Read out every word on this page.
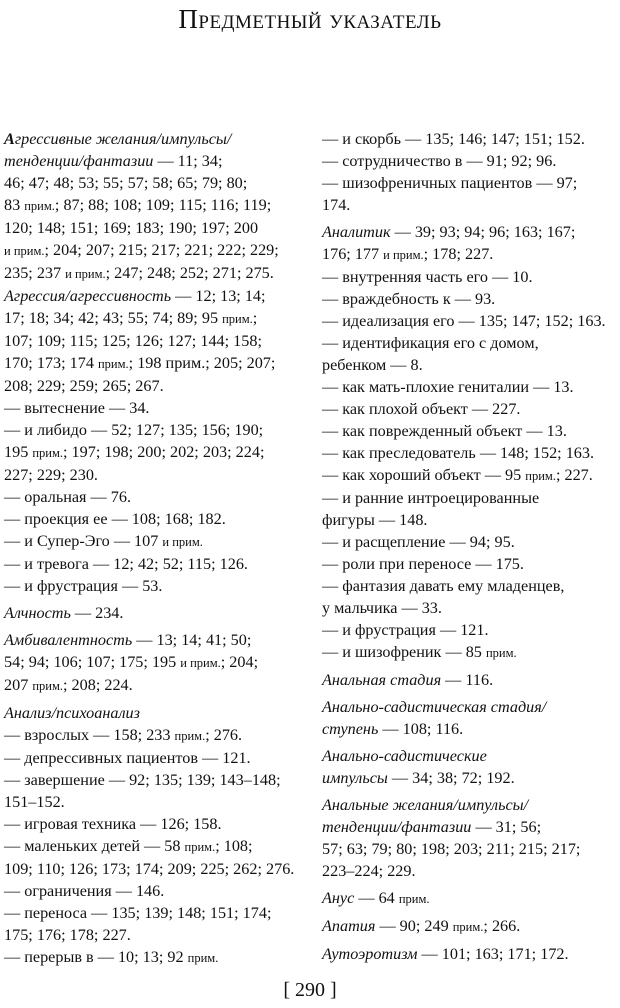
Предметный указатель
Агрессивные желания/импульсы/
тенденции/фантазии — 11; 34;
46; 47; 48; 53; 55; 57; 58; 65; 79; 80;
83 прим.; 87; 88; 108; 109; 115; 116; 119;
120; 148; 151; 169; 183; 190; 197; 200
и прим.; 204; 207; 215; 217; 221; 222; 229;
235; 237 и прим.; 247; 248; 252; 271; 275.
Агрессия/агрессивность — 12; 13; 14;
17; 18; 34; 42; 43; 55; 74; 89; 95 прим.;
107; 109; 115; 125; 126; 127; 144; 158;
170; 173; 174 прим.; 198 прим.; 205; 207;
208; 229; 259; 265; 267.
— вытеснение — 34.
— и либидо — 52; 127; 135; 156; 190;
195 прим.; 197; 198; 200; 202; 203; 224;
227; 229; 230.
— оральная — 76.
— проекция ее — 108; 168; 182.
— и Супер-Эго — 107 и прим.
— и тревога — 12; 42; 52; 115; 126.
— и фрустрация — 53.
Алчность — 234.
Амбивалентность — 13; 14; 41; 50;
54; 94; 106; 107; 175; 195 и прим.; 204;
207 прим.; 208; 224.
Анализ/психоанализ
— взрослых — 158; 233 прим.; 276.
— депрессивных пациентов — 121.
— завершение — 92; 135; 139; 143–148;
151–152.
— игровая техника — 126; 158.
— маленьких детей — 58 прим.; 108;
109; 110; 126; 173; 174; 209; 225; 262; 276.
— ограничения — 146.
— переноса — 135; 139; 148; 151; 174;
175; 176; 178; 227.
— перерыв в — 10; 13; 92 прим.
— и скорбь — 135; 146; 147; 151; 152.
— сотрудничество в — 91; 92; 96.
— шизофреничных пациентов — 97;
174.
Аналитик — 39; 93; 94; 96; 163; 167;
176; 177 и прим.; 178; 227.
— внутренняя часть его — 10.
— враждебность к — 93.
— идеализация его — 135; 147; 152; 163.
— идентификация его с домом,
ребенком — 8.
— как мать-плохие гениталии — 13.
— как плохой объект — 227.
— как поврежденный объект — 13.
— как преследователь — 148; 152; 163.
— как хороший объект — 95 прим.; 227.
— и ранние интроецированные
фигуры — 148.
— и расщепление — 94; 95.
— роли при переносе — 175.
— фантазия давать ему младенцев,
у мальчика — 33.
— и фрустрация — 121.
— и шизофреник — 85 прим.
Анальная стадия — 116.
Анально-садистическая стадия/
ступень — 108; 116.
Анально-садистические
импульсы — 34; 38; 72; 192.
Анальные желания/импульсы/
тенденции/фантазии — 31; 56;
57; 63; 79; 80; 198; 203; 211; 215; 217;
223–224; 229.
Анус — 64 прим.
Апатия — 90; 249 прим.; 266.
Аутоэротизм — 101; 163; 171; 172.
[ 290 ]
